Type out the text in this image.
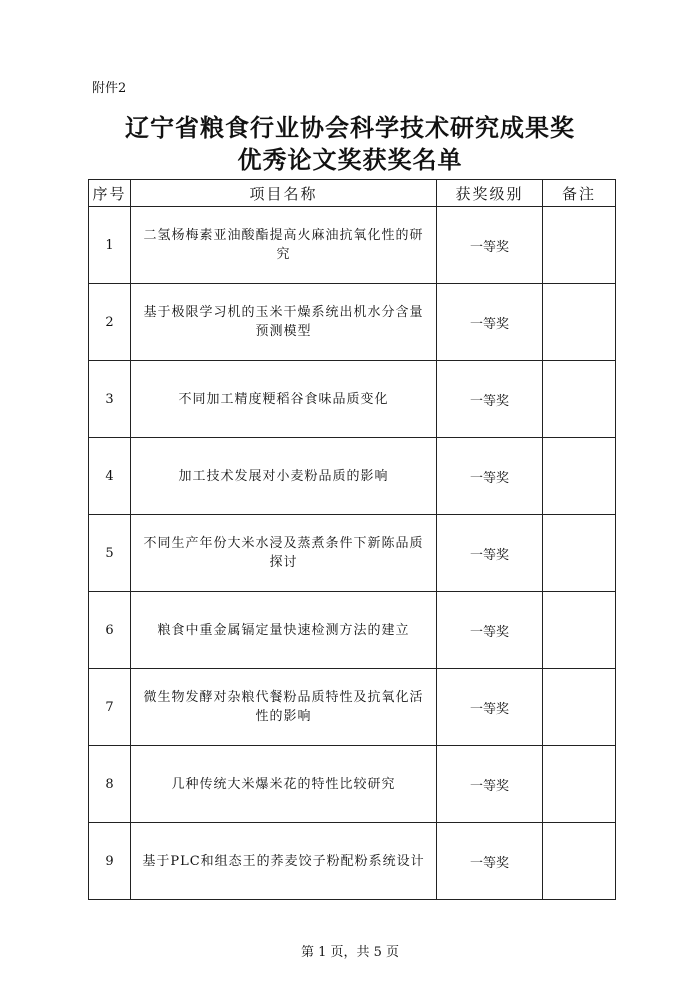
附件2
辽宁省粮食行业协会科学技术研究成果奖
优秀论文奖获奖名单
序号	项目名称	获奖级别	备注
1	二氢杨梅素亚油酸酯提高火麻油抗氧化性的研究	一等奖	
2	基于极限学习机的玉米干燥系统出机水分含量预测模型	一等奖	
3	不同加工精度粳稻谷食味品质变化	一等奖	
4	加工技术发展对小麦粉品质的影响	一等奖	
5	不同生产年份大米水浸及蒸煮条件下新陈品质探讨	一等奖	
6	粮食中重金属镉定量快速检测方法的建立	一等奖	
7	微生物发酵对杂粮代餐粉品质特性及抗氧化活性的影响	一等奖	
8	几种传统大米爆米花的特性比较研究	一等奖	
9	基于PLC和组态王的荞麦饺子粉配粉系统设计	一等奖	
第 1 页，共 5 页
